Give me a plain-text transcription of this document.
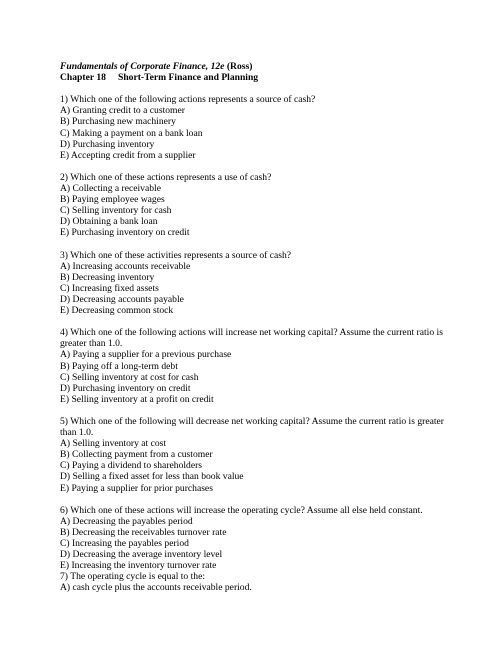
Fundamentals of Corporate Finance, 12e (Ross)

Chapter 18	Short-Term Finance and Planning

1) Which one of the following actions represents a source of cash?

A) Granting credit to a customer

B) Purchasing new machinery

C) Making a payment on a bank loan

D) Purchasing inventory

E) Accepting credit from a supplier

2) Which one of these actions represents a use of cash?

A) Collecting a receivable

B) Paying employee wages

C) Selling inventory for cash

D) Obtaining a bank loan

E) Purchasing inventory on credit

3) Which one of these activities represents a source of cash?

A) Increasing accounts receivable

B) Decreasing inventory

C) Increasing fixed assets

D) Decreasing accounts payable

E) Decreasing common stock

4) Which one of the following actions will increase net working capital? Assume the current ratio is greater than 1.0.

A) Paying a supplier for a previous purchase

B) Paying off a long-term debt

C) Selling inventory at cost for cash

D) Purchasing inventory on credit

E) Selling inventory at a profit on credit

5) Which one of the following will decrease net working capital? Assume the current ratio is greater than 1.0.

A) Selling inventory at cost

B) Collecting payment from a customer

C) Paying a dividend to shareholders

D) Selling a fixed asset for less than book value

E) Paying a supplier for prior purchases

6) Which one of these actions will increase the operating cycle? Assume all else held constant.

A) Decreasing the payables period

B) Decreasing the receivables turnover rate

C) Increasing the payables period

D) Decreasing the average inventory level

E) Increasing the inventory turnover rate

7) The operating cycle is equal to the:

A) cash cycle plus the accounts receivable period.
